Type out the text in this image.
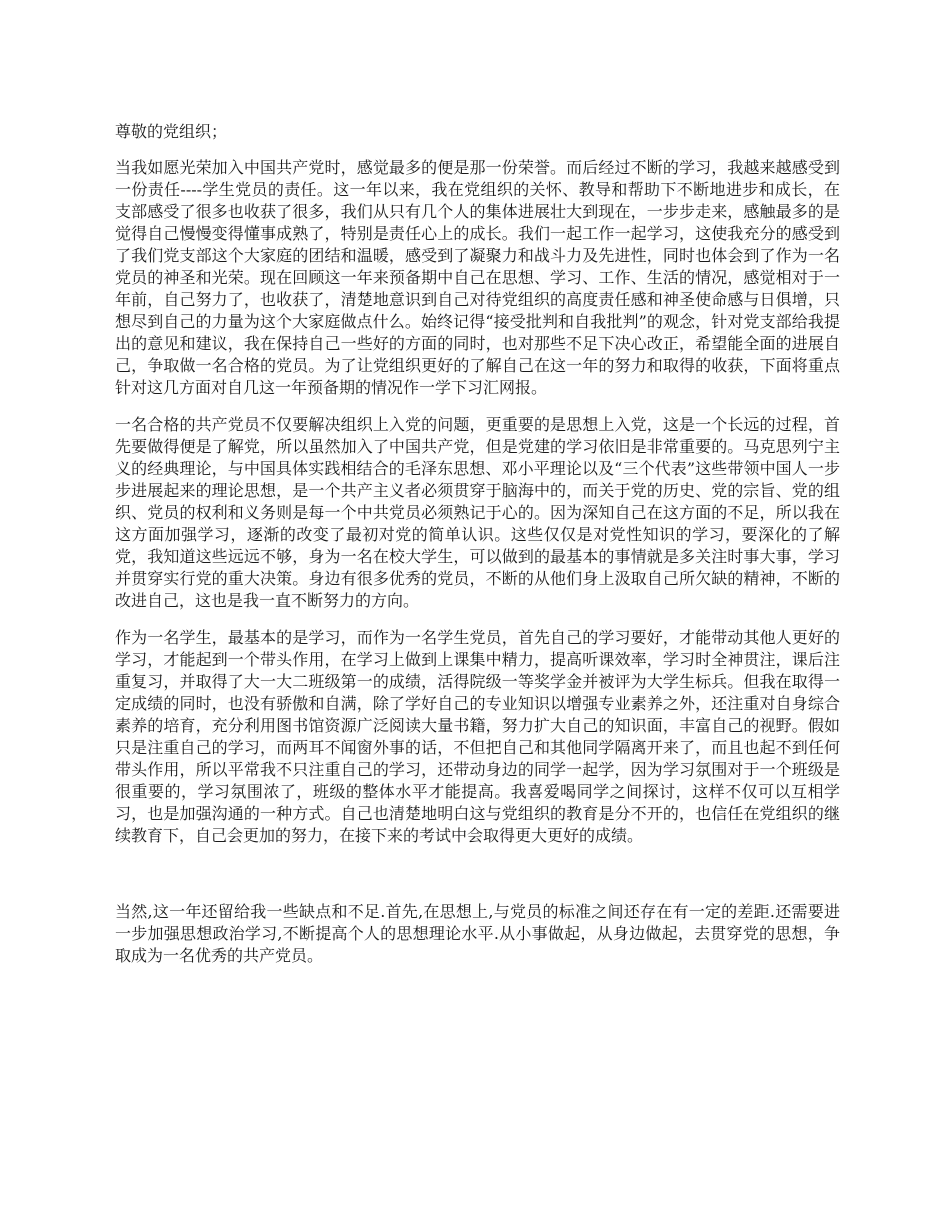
尊敬的党组织；

当我如愿光荣加入中国共产党时，感觉最多的便是那一份荣誉。而后经过不断的学习，我越来越感受到一份责任----学生党员的责任。这一年以来，我在党组织的关怀、教导和帮助下不断地进步和成长，在支部感受了很多也收获了很多，我们从只有几个人的集体进展壮大到现在，一步步走来，感触最多的是觉得自己慢慢变得懂事成熟了，特别是责任心上的成长。我们一起工作一起学习，这使我充分的感受到了我们党支部这个大家庭的团结和温暖，感受到了凝聚力和战斗力及先进性，同时也体会到了作为一名党员的神圣和光荣。现在回顾这一年来预备期中自己在思想、学习、工作、生活的情况，感觉相对于一年前，自己努力了，也收获了，清楚地意识到自己对待党组织的高度责任感和神圣使命感与日俱增，只想尽到自己的力量为这个大家庭做点什么。始终记得“接受批判和自我批判”的观念，针对党支部给我提出的意见和建议，我在保持自己一些好的方面的同时，也对那些不足下决心改正，希望能全面的进展自己，争取做一名合格的党员。为了让党组织更好的了解自己在这一年的努力和取得的收获，下面将重点针对这几方面对自几这一年预备期的情况作一学下习汇网报。

一名合格的共产党员不仅要解决组织上入党的问题，更重要的是思想上入党，这是一个长远的过程，首先要做得便是了解党，所以虽然加入了中国共产党，但是党建的学习依旧是非常重要的。马克思列宁主义的经典理论，与中国具体实践相结合的毛泽东思想、邓小平理论以及“三个代表”这些带领中国人一步步进展起来的理论思想，是一个共产主义者必须贯穿于脑海中的，而关于党的历史、党的宗旨、党的组织、党员的权利和义务则是每一个中共党员必须熟记于心的。因为深知自己在这方面的不足，所以我在这方面加强学习，逐渐的改变了最初对党的简单认识。这些仅仅是对党性知识的学习，要深化的了解党，我知道这些远远不够，身为一名在校大学生，可以做到的最基本的事情就是多关注时事大事，学习并贯穿实行党的重大决策。身边有很多优秀的党员，不断的从他们身上汲取自己所欠缺的精神，不断的改进自己，这也是我一直不断努力的方向。

作为一名学生，最基本的是学习，而作为一名学生党员，首先自己的学习要好，才能带动其他人更好的学习，才能起到一个带头作用，在学习上做到上课集中精力，提高听课效率，学习时全神贯注，课后注重复习，并取得了大一大二班级第一的成绩，活得院级一等奖学金并被评为大学生标兵。但我在取得一定成绩的同时，也没有骄傲和自满，除了学好自己的专业知识以增强专业素养之外，还注重对自身综合素养的培育，充分利用图书馆资源广泛阅读大量书籍，努力扩大自己的知识面，丰富自己的视野。假如只是注重自己的学习，而两耳不闻窗外事的话，不但把自己和其他同学隔离开来了，而且也起不到任何带头作用，所以平常我不只注重自己的学习，还带动身边的同学一起学，因为学习氛围对于一个班级是很重要的，学习氛围浓了，班级的整体水平才能提高。我喜爱喝同学之间探讨，这样不仅可以互相学习，也是加强沟通的一种方式。自己也清楚地明白这与党组织的教育是分不开的，也信任在党组织的继续教育下，自己会更加的努力，在接下来的考试中会取得更大更好的成绩。

当然,这一年还留给我一些缺点和不足.首先,在思想上,与党员的标准之间还存在有一定的差距.还需要进一步加强思想政治学习,不断提高个人的思想理论水平.从小事做起，从身边做起，去贯穿党的思想，争取成为一名优秀的共产党员。
